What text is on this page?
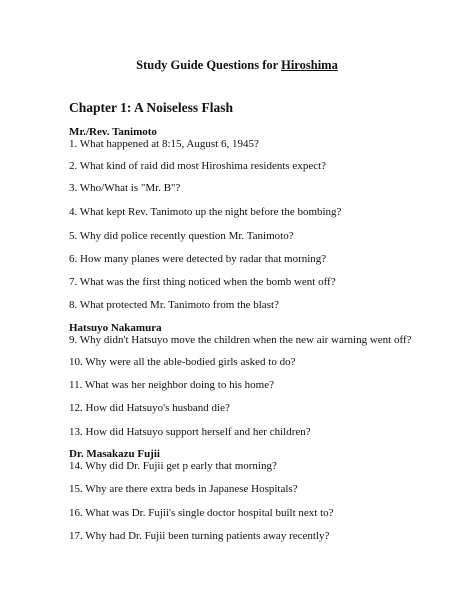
Study Guide Questions for Hiroshima
Chapter 1: A Noiseless Flash
Mr./Rev. Tanimoto
1. What happened at 8:15, August 6, 1945?
2. What kind of raid did most Hiroshima residents expect?
3. Who/What is "Mr. B"?
4. What kept Rev. Tanimoto up the night before the bombing?
5. Why did police recently question Mr. Tanimoto?
6. How many planes were detected by radar that morning?
7. What was the first thing noticed when the bomb went off?
8. What protected Mr. Tanimoto from the blast?
Hatsuyo Nakamura
9. Why didn't Hatsuyo move the children when the new air warning went off?
10. Why were all the able-bodied girls asked to do?
11. What was her neighbor doing to his home?
12. How did Hatsuyo's husband die?
13. How did Hatsuyo support herself and her children?
Dr. Masakazu Fujii
14. Why did Dr. Fujii get p early that morning?
15. Why are there extra beds in Japanese Hospitals?
16. What was Dr. Fujii's single doctor hospital built next to?
17. Why had Dr. Fujii been turning patients away recently?
